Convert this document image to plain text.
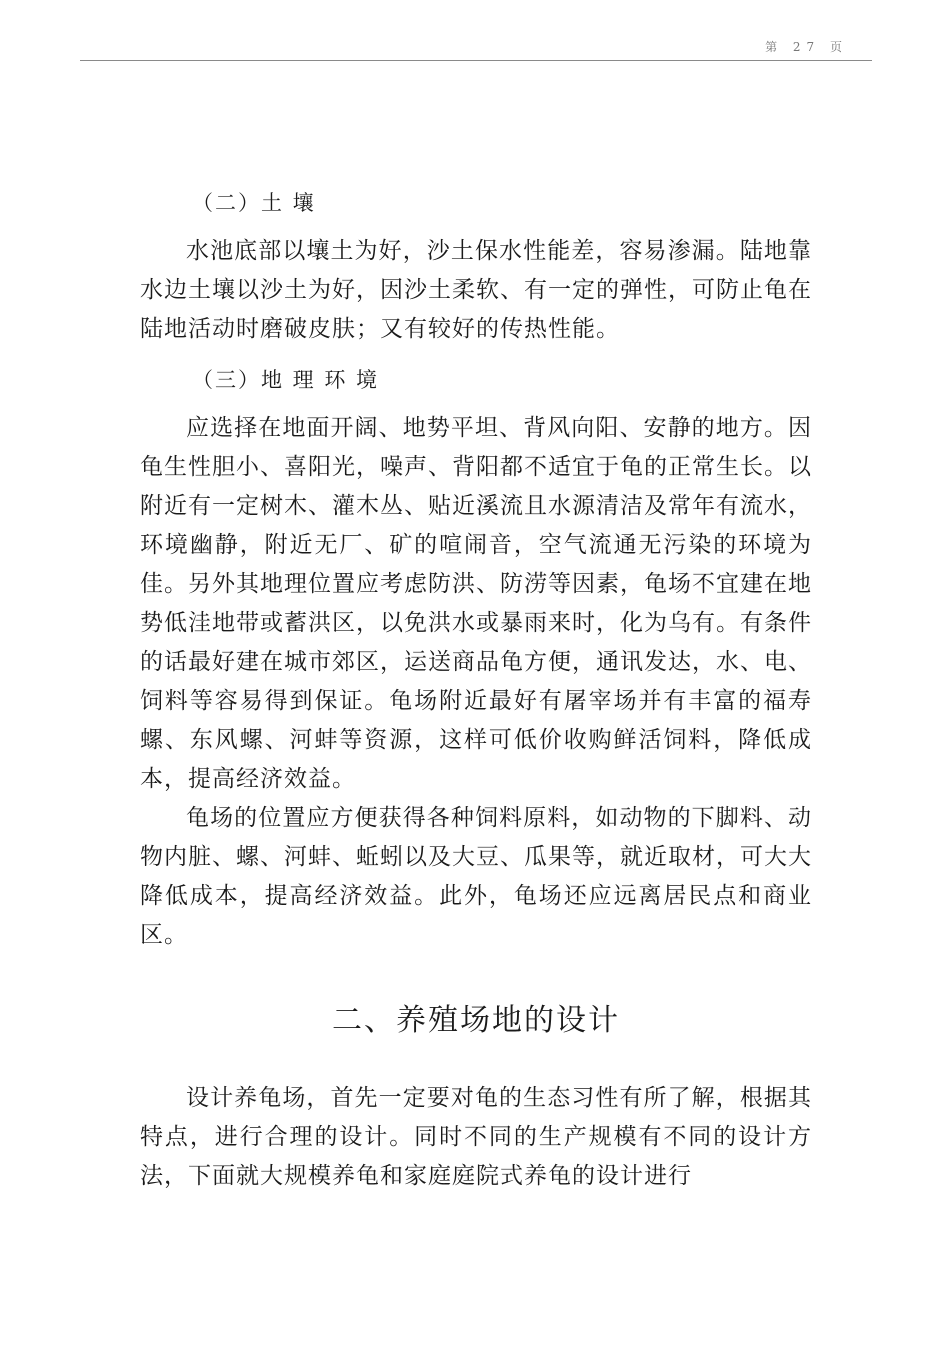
第 27 页
（二）土 壤

水池底部以壤土为好，沙土保水性能差，容易渗漏。陆地靠水边土壤以沙土为好，因沙土柔软、有一定的弹性，可防止龟在陆地活动时磨破皮肤；又有较好的传热性能。

（三）地 理 环 境

应选择在地面开阔、地势平坦、背风向阳、安静的地方。因龟生性胆小、喜阳光，噪声、背阳都不适宜于龟的正常生长。以附近有一定树木、灌木丛、贴近溪流且水源清洁及常年有流水，环境幽静，附近无厂、矿的喧闹音，空气流通无污染的环境为佳。另外其地理位置应考虑防洪、防涝等因素，龟场不宜建在地势低洼地带或蓄洪区，以免洪水或暴雨来时，化为乌有。有条件的话最好建在城市郊区，运送商品龟方便，通讯发达，水、电、饲料等容易得到保证。龟场附近最好有屠宰场并有丰富的福寿螺、东风螺、河蚌等资源，这样可低价收购鲜活饲料，降低成本，提高经济效益。

龟场的位置应方便获得各种饲料原料，如动物的下脚料、动物内脏、螺、河蚌、蚯蚓以及大豆、瓜果等，就近取材，可大大降低成本，提高经济效益。此外，龟场还应远离居民点和商业区。

二、养殖场地的设计

设计养龟场，首先一定要对龟的生态习性有所了解，根据其特点，进行合理的设计。同时不同的生产规模有不同的设计方法，下面就大规模养龟和家庭庭院式养龟的设计进行
